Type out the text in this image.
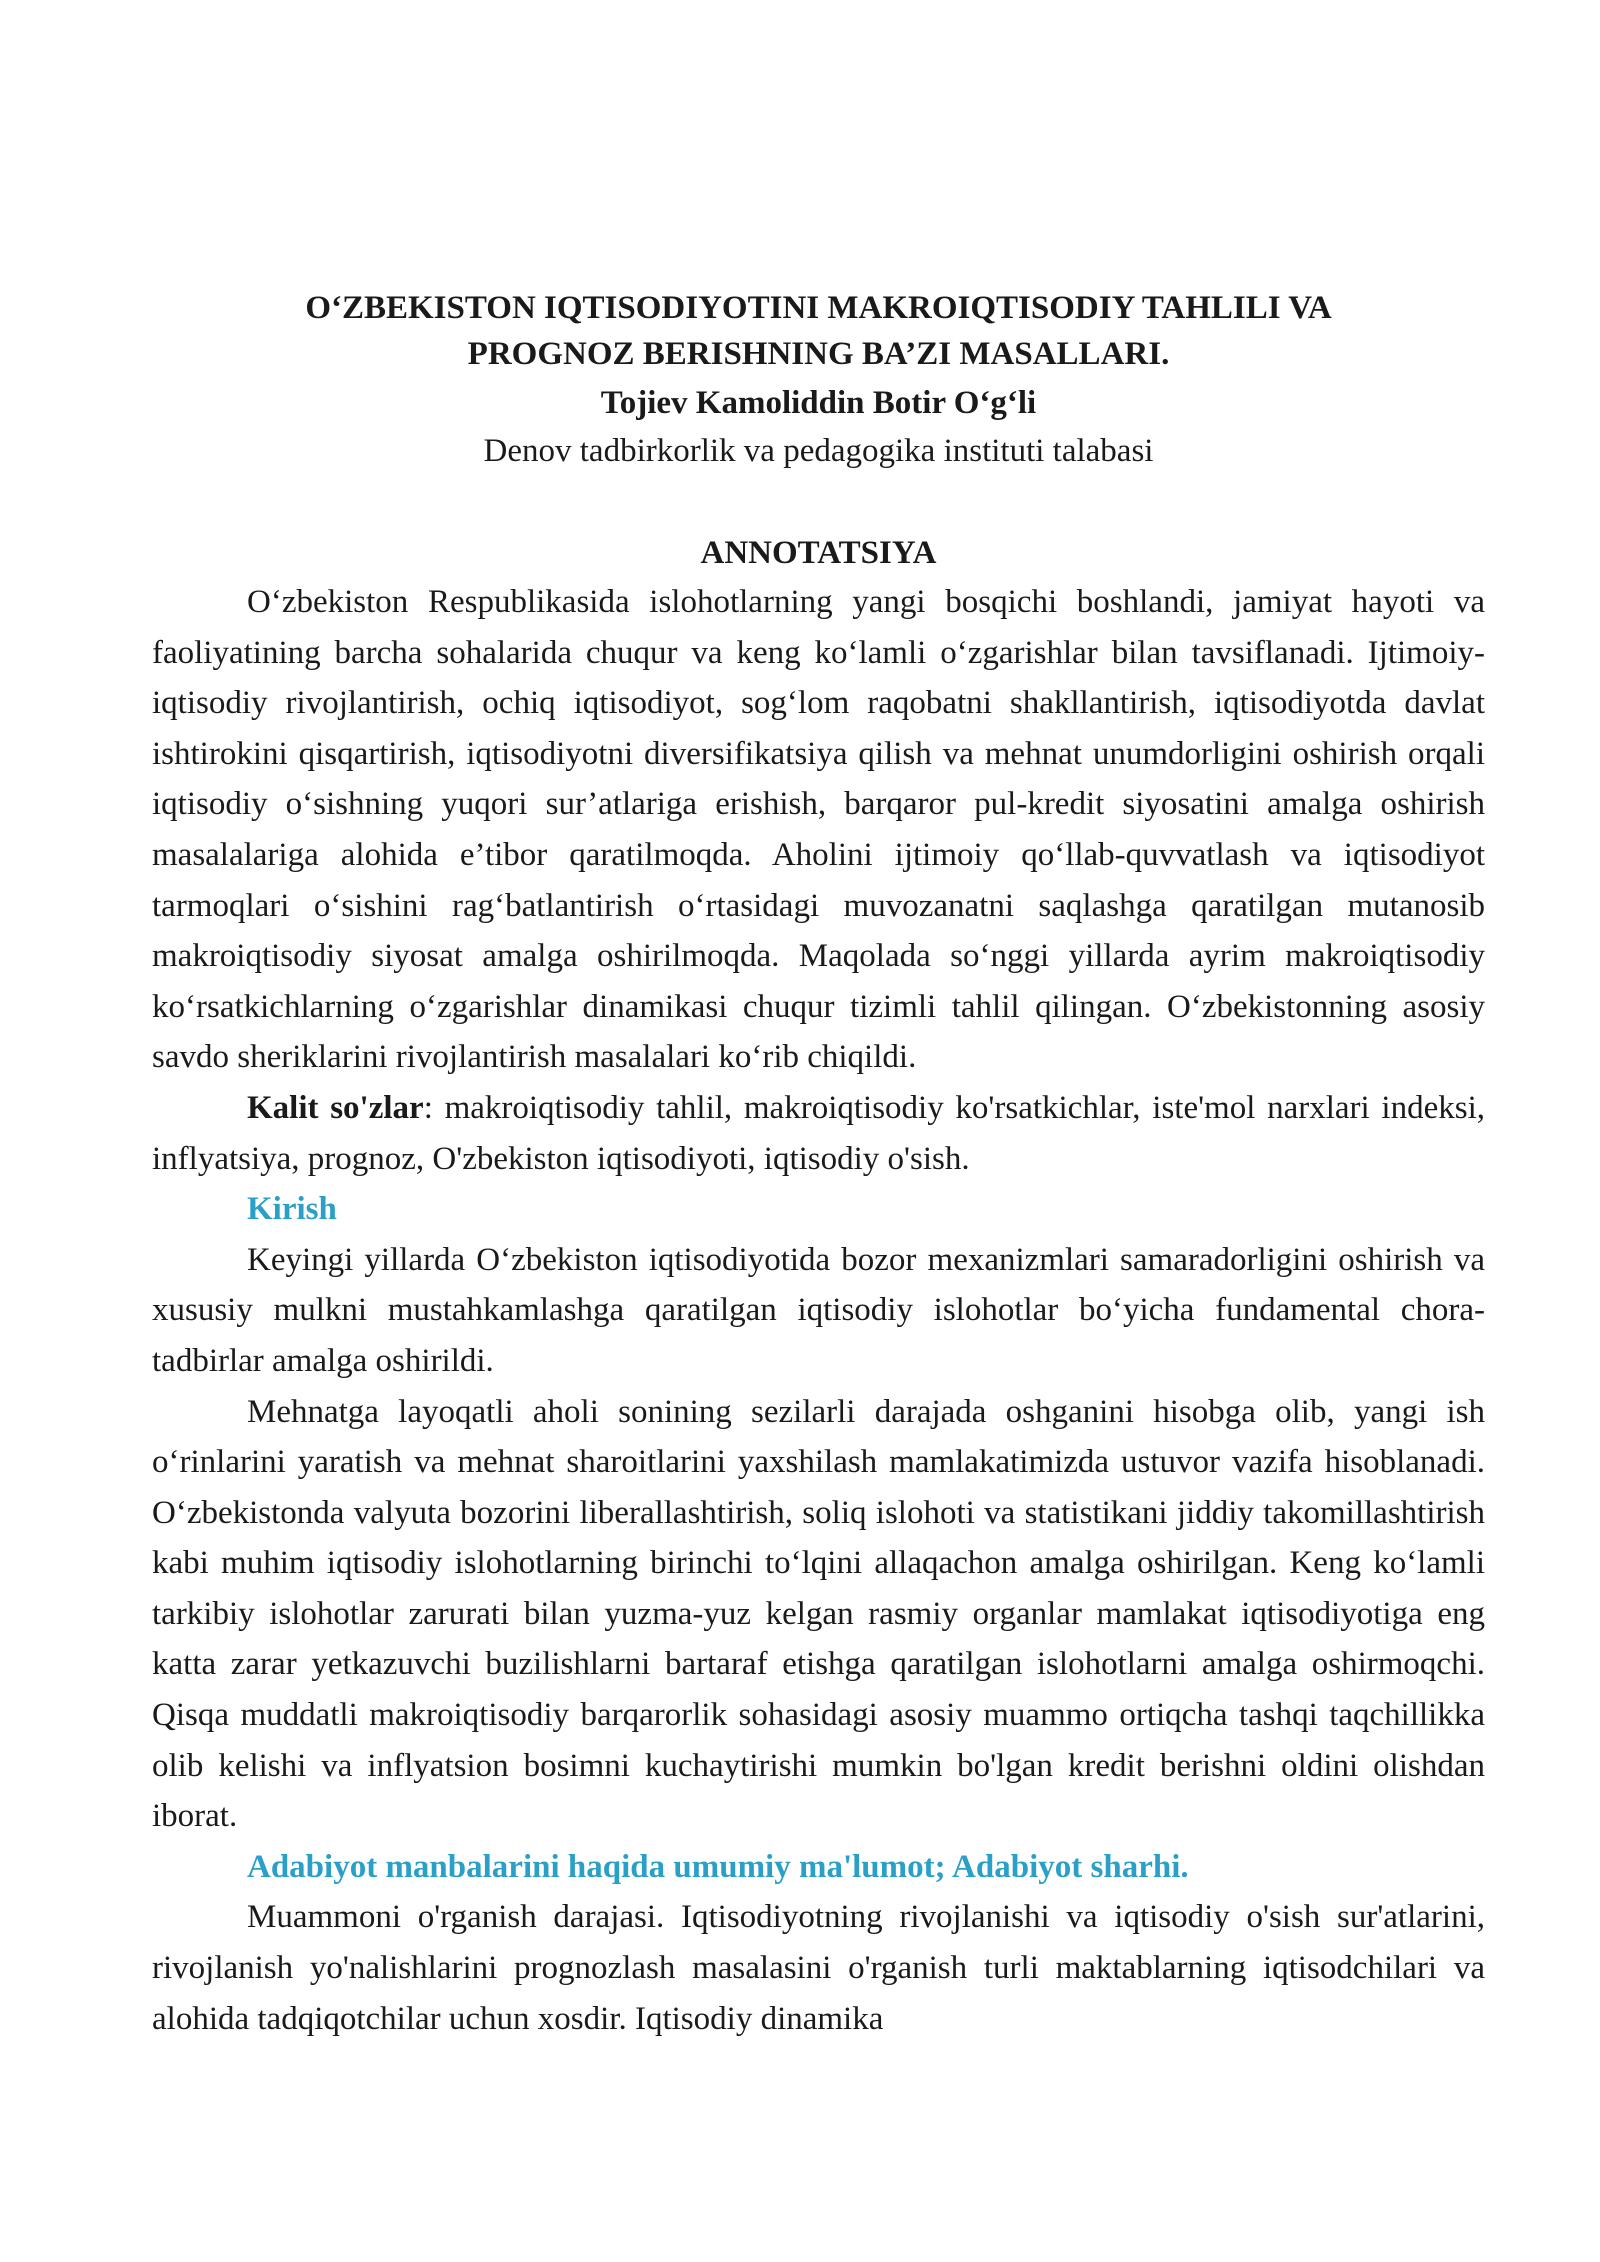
O‘ZBEKISTON IQTISODIYOTINI MAKROIQTISODIY TAHLILI VA
PROGNOZ BERISHNING BA’ZI MASALLARI.
Tojiev Kamoliddin Botir O‘g‘li
Denov tadbirkorlik va pedagogika instituti talabasi
ANNOTATSIYA

O‘zbekiston Respublikasida islohotlarning yangi bosqichi boshlandi, jamiyat hayoti va faoliyatining barcha sohalarida chuqur va keng ko‘lamli o‘zgarishlar bilan tavsiflanadi. Ijtimoiy-iqtisodiy rivojlantirish, ochiq iqtisodiyot, sog‘lom raqobatni shakllantirish, iqtisodiyotda davlat ishtirokini qisqartirish, iqtisodiyotni diversifikatsiya qilish va mehnat unumdorligini oshirish orqali iqtisodiy o‘sishning yuqori sur’atlariga erishish, barqaror pul-kredit siyosatini amalga oshirish masalalariga alohida e’tibor qaratilmoqda. Aholini ijtimoiy qo‘llab-quvvatlash va iqtisodiyot tarmoqlari o‘sishini rag‘batlantirish o‘rtasidagi muvozanatni saqlashga qaratilgan mutanosib makroiqtisodiy siyosat amalga oshirilmoqda. Maqolada so‘nggi yillarda ayrim makroiqtisodiy ko‘rsatkichlarning o‘zgarishlar dinamikasi chuqur tizimli tahlil qilingan. O‘zbekistonning asosiy savdo sheriklarini rivojlantirish masalalari ko‘rib chiqildi.

Kalit so'zlar: makroiqtisodiy tahlil, makroiqtisodiy ko'rsatkichlar, iste'mol narxlari indeksi, inflyatsiya, prognoz, O'zbekiston iqtisodiyoti, iqtisodiy o'sish.

Kirish

Keyingi yillarda O‘zbekiston iqtisodiyotida bozor mexanizmlari samaradorligini oshirish va xususiy mulkni mustahkamlashga qaratilgan iqtisodiy islohotlar bo‘yicha fundamental chora-tadbirlar amalga oshirildi.

Mehnatga layoqatli aholi sonining sezilarli darajada oshganini hisobga olib, yangi ish o‘rinlarini yaratish va mehnat sharoitlarini yaxshilash mamlakatimizda ustuvor vazifa hisoblanadi. O‘zbekistonda valyuta bozorini liberallashtirish, soliq islohoti va statistikani jiddiy takomillashtirish kabi muhim iqtisodiy islohotlarning birinchi to‘lqini allaqachon amalga oshirilgan. Keng ko‘lamli tarkibiy islohotlar zarurati bilan yuzma-yuz kelgan rasmiy organlar mamlakat iqtisodiyotiga eng katta zarar yetkazuvchi buzilishlarni bartaraf etishga qaratilgan islohotlarni amalga oshirmoqchi. Qisqa muddatli makroiqtisodiy barqarorlik sohasidagi asosiy muammo ortiqcha tashqi taqchillikka olib kelishi va inflyatsion bosimni kuchaytirishi mumkin bo'lgan kredit berishni oldini olishdan iborat.

Adabiyot manbalarini haqida umumiy ma'lumot; Adabiyot sharhi.

Muammoni o'rganish darajasi. Iqtisodiyotning rivojlanishi va iqtisodiy o'sish sur'atlarini, rivojlanish yo'nalishlarini prognozlash masalasini o'rganish turli maktablarning iqtisodchilari va alohida tadqiqotchilar uchun xosdir. Iqtisodiy dinamika
